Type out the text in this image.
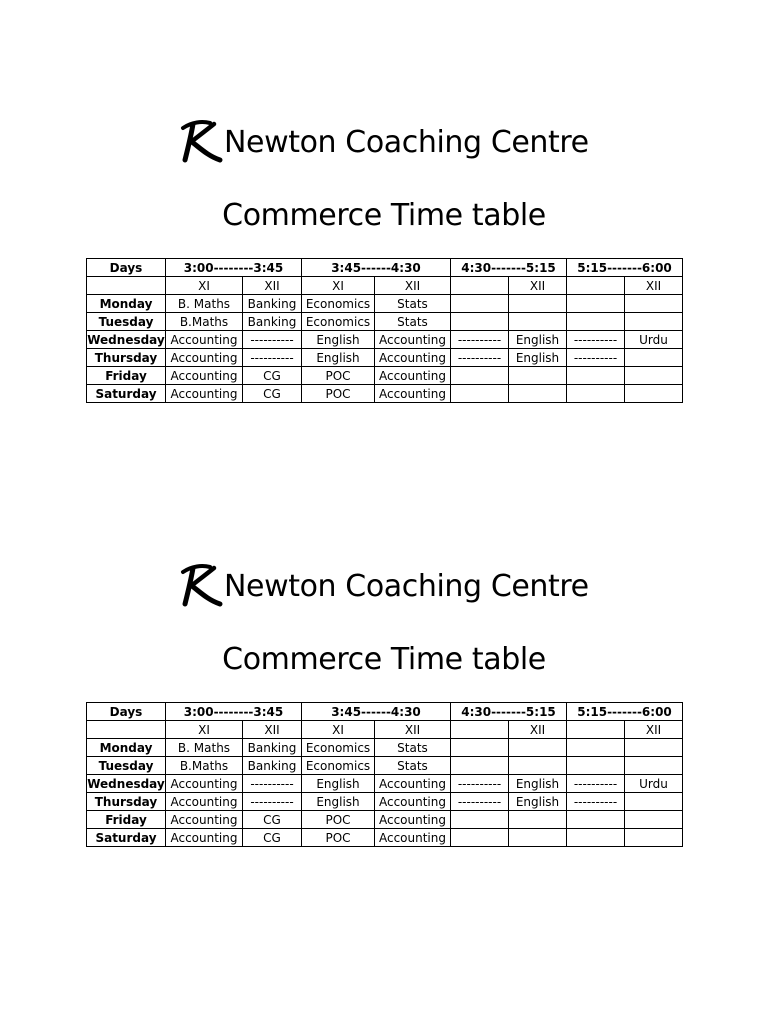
Newton Coaching Centre
Commerce Time table
Days	3:00--------3:45		3:45------4:30		4:30-------5:15		5:15-------6:00	
	XI	XII	XI	XII		XII		XII
Monday	B. Maths	Banking	Economics	Stats				
Tuesday	B.Maths	Banking	Economics	Stats				
Wednesday	Accounting	----------	English	Accounting	----------	English	----------	Urdu
Thursday	Accounting	----------	English	Accounting	----------	English	----------	
Friday	Accounting	CG	POC	Accounting				
Saturday	Accounting	CG	POC	Accounting				
Newton Coaching Centre
Commerce Time table
Days	3:00--------3:45		3:45------4:30		4:30-------5:15		5:15-------6:00	
	XI	XII	XI	XII		XII		XII
Monday	B. Maths	Banking	Economics	Stats				
Tuesday	B.Maths	Banking	Economics	Stats				
Wednesday	Accounting	----------	English	Accounting	----------	English	----------	Urdu
Thursday	Accounting	----------	English	Accounting	----------	English	----------	
Friday	Accounting	CG	POC	Accounting				
Saturday	Accounting	CG	POC	Accounting				
